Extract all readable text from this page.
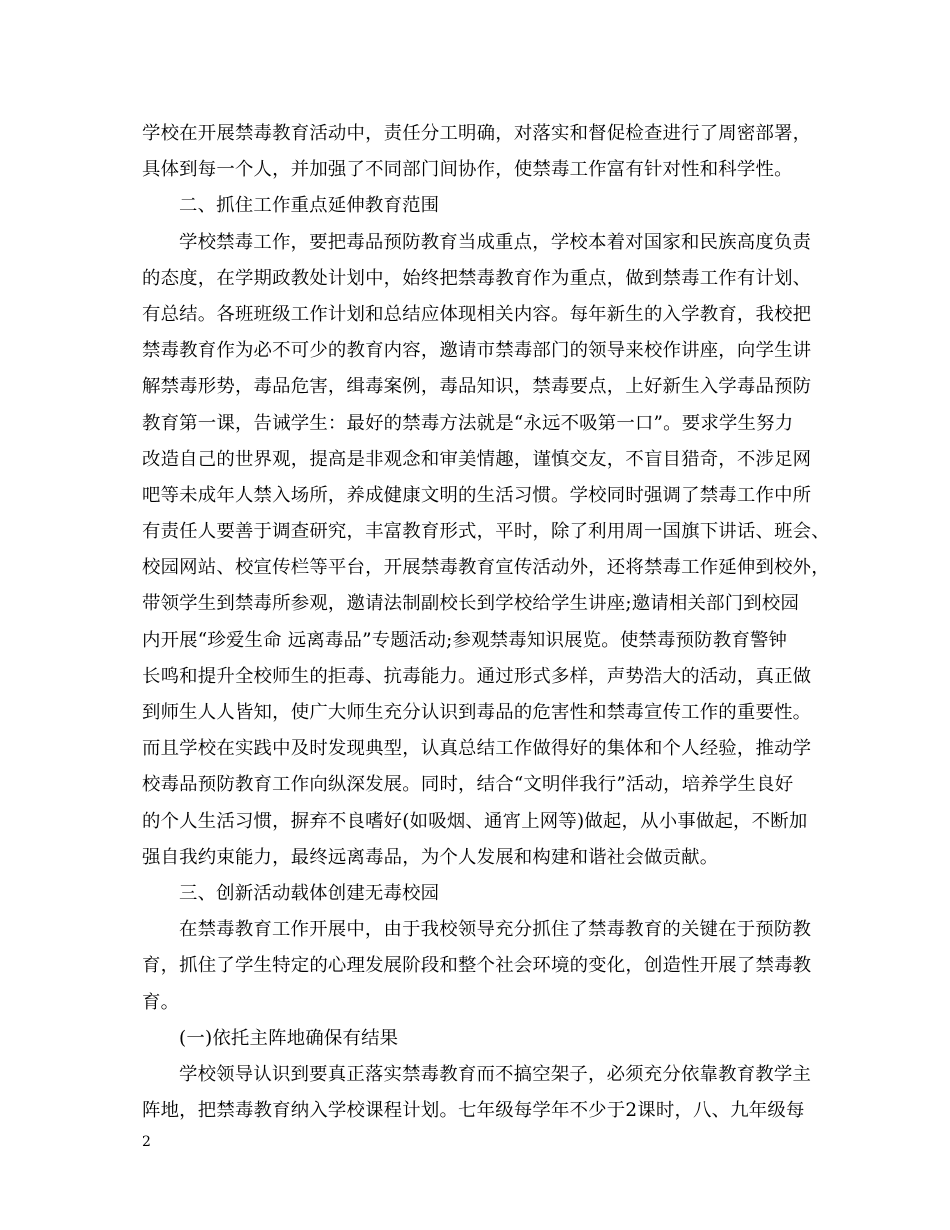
学校在开展禁毒教育活动中，责任分工明确，对落实和督促检查进行了周密部署，
具体到每一个人，并加强了不同部门间协作，使禁毒工作富有针对性和科学性。
二、抓住工作重点延伸教育范围
学校禁毒工作，要把毒品预防教育当成重点，学校本着对国家和民族高度负责
的态度，在学期政教处计划中，始终把禁毒教育作为重点，做到禁毒工作有计划、
有总结。各班班级工作计划和总结应体现相关内容。每年新生的入学教育，我校把
禁毒教育作为必不可少的教育内容，邀请市禁毒部门的领导来校作讲座，向学生讲
解禁毒形势，毒品危害，缉毒案例，毒品知识，禁毒要点，上好新生入学毒品预防
教育第一课，告诫学生：最好的禁毒方法就是“永远不吸第一口”。要求学生努力
改造自己的世界观，提高是非观念和审美情趣，谨慎交友，不盲目猎奇，不涉足网
吧等未成年人禁入场所，养成健康文明的生活习惯。学校同时强调了禁毒工作中所
有责任人要善于调查研究，丰富教育形式，平时，除了利用周一国旗下讲话、班会、
校园网站、校宣传栏等平台，开展禁毒教育宣传活动外，还将禁毒工作延伸到校外，
带领学生到禁毒所参观，邀请法制副校长到学校给学生讲座;邀请相关部门到校园
内开展“珍爱生命 远离毒品”专题活动;参观禁毒知识展览。使禁毒预防教育警钟
长鸣和提升全校师生的拒毒、抗毒能力。通过形式多样，声势浩大的活动，真正做
到师生人人皆知，使广大师生充分认识到毒品的危害性和禁毒宣传工作的重要性。
而且学校在实践中及时发现典型，认真总结工作做得好的集体和个人经验，推动学
校毒品预防教育工作向纵深发展。同时，结合“文明伴我行”活动，培养学生良好
的个人生活习惯，摒弃不良嗜好(如吸烟、通宵上网等)做起，从小事做起，不断加
强自我约束能力，最终远离毒品，为个人发展和构建和谐社会做贡献。
三、创新活动载体创建无毒校园
在禁毒教育工作开展中，由于我校领导充分抓住了禁毒教育的关键在于预防教
育，抓住了学生特定的心理发展阶段和整个社会环境的变化，创造性开展了禁毒教
育。
(一)依托主阵地确保有结果
学校领导认识到要真正落实禁毒教育而不搞空架子，必须充分依靠教育教学主
阵地，把禁毒教育纳入学校课程计划。七年级每学年不少于2课时，八、九年级每
2
